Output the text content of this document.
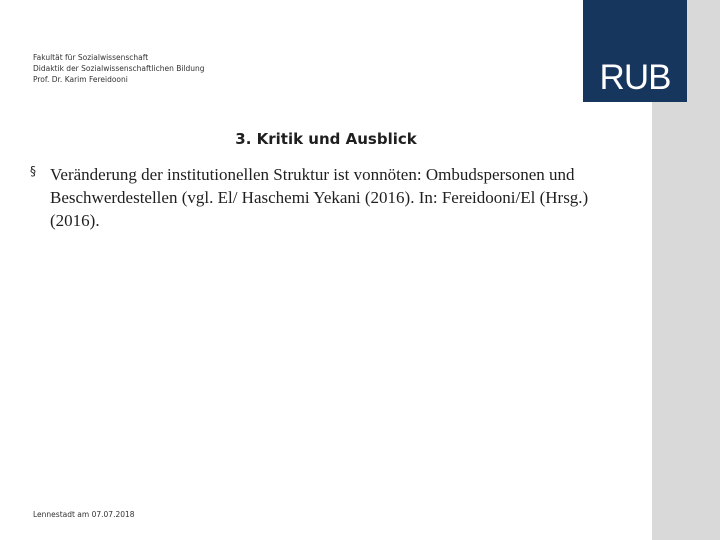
Fakultät für Sozialwissenschaft
Didaktik der Sozialwissenschaftlichen Bildung
Prof. Dr. Karim Fereidooni
3. Kritik und Ausblick
§ Veränderung der institutionellen Struktur ist vonnöten: Ombudspersonen und Beschwerdestellen (vgl. El/ Haschemi Yekani (2016). In: Fereidooni/El (Hrsg.) (2016).
Lennestadt am 07.07.2018
RUB
